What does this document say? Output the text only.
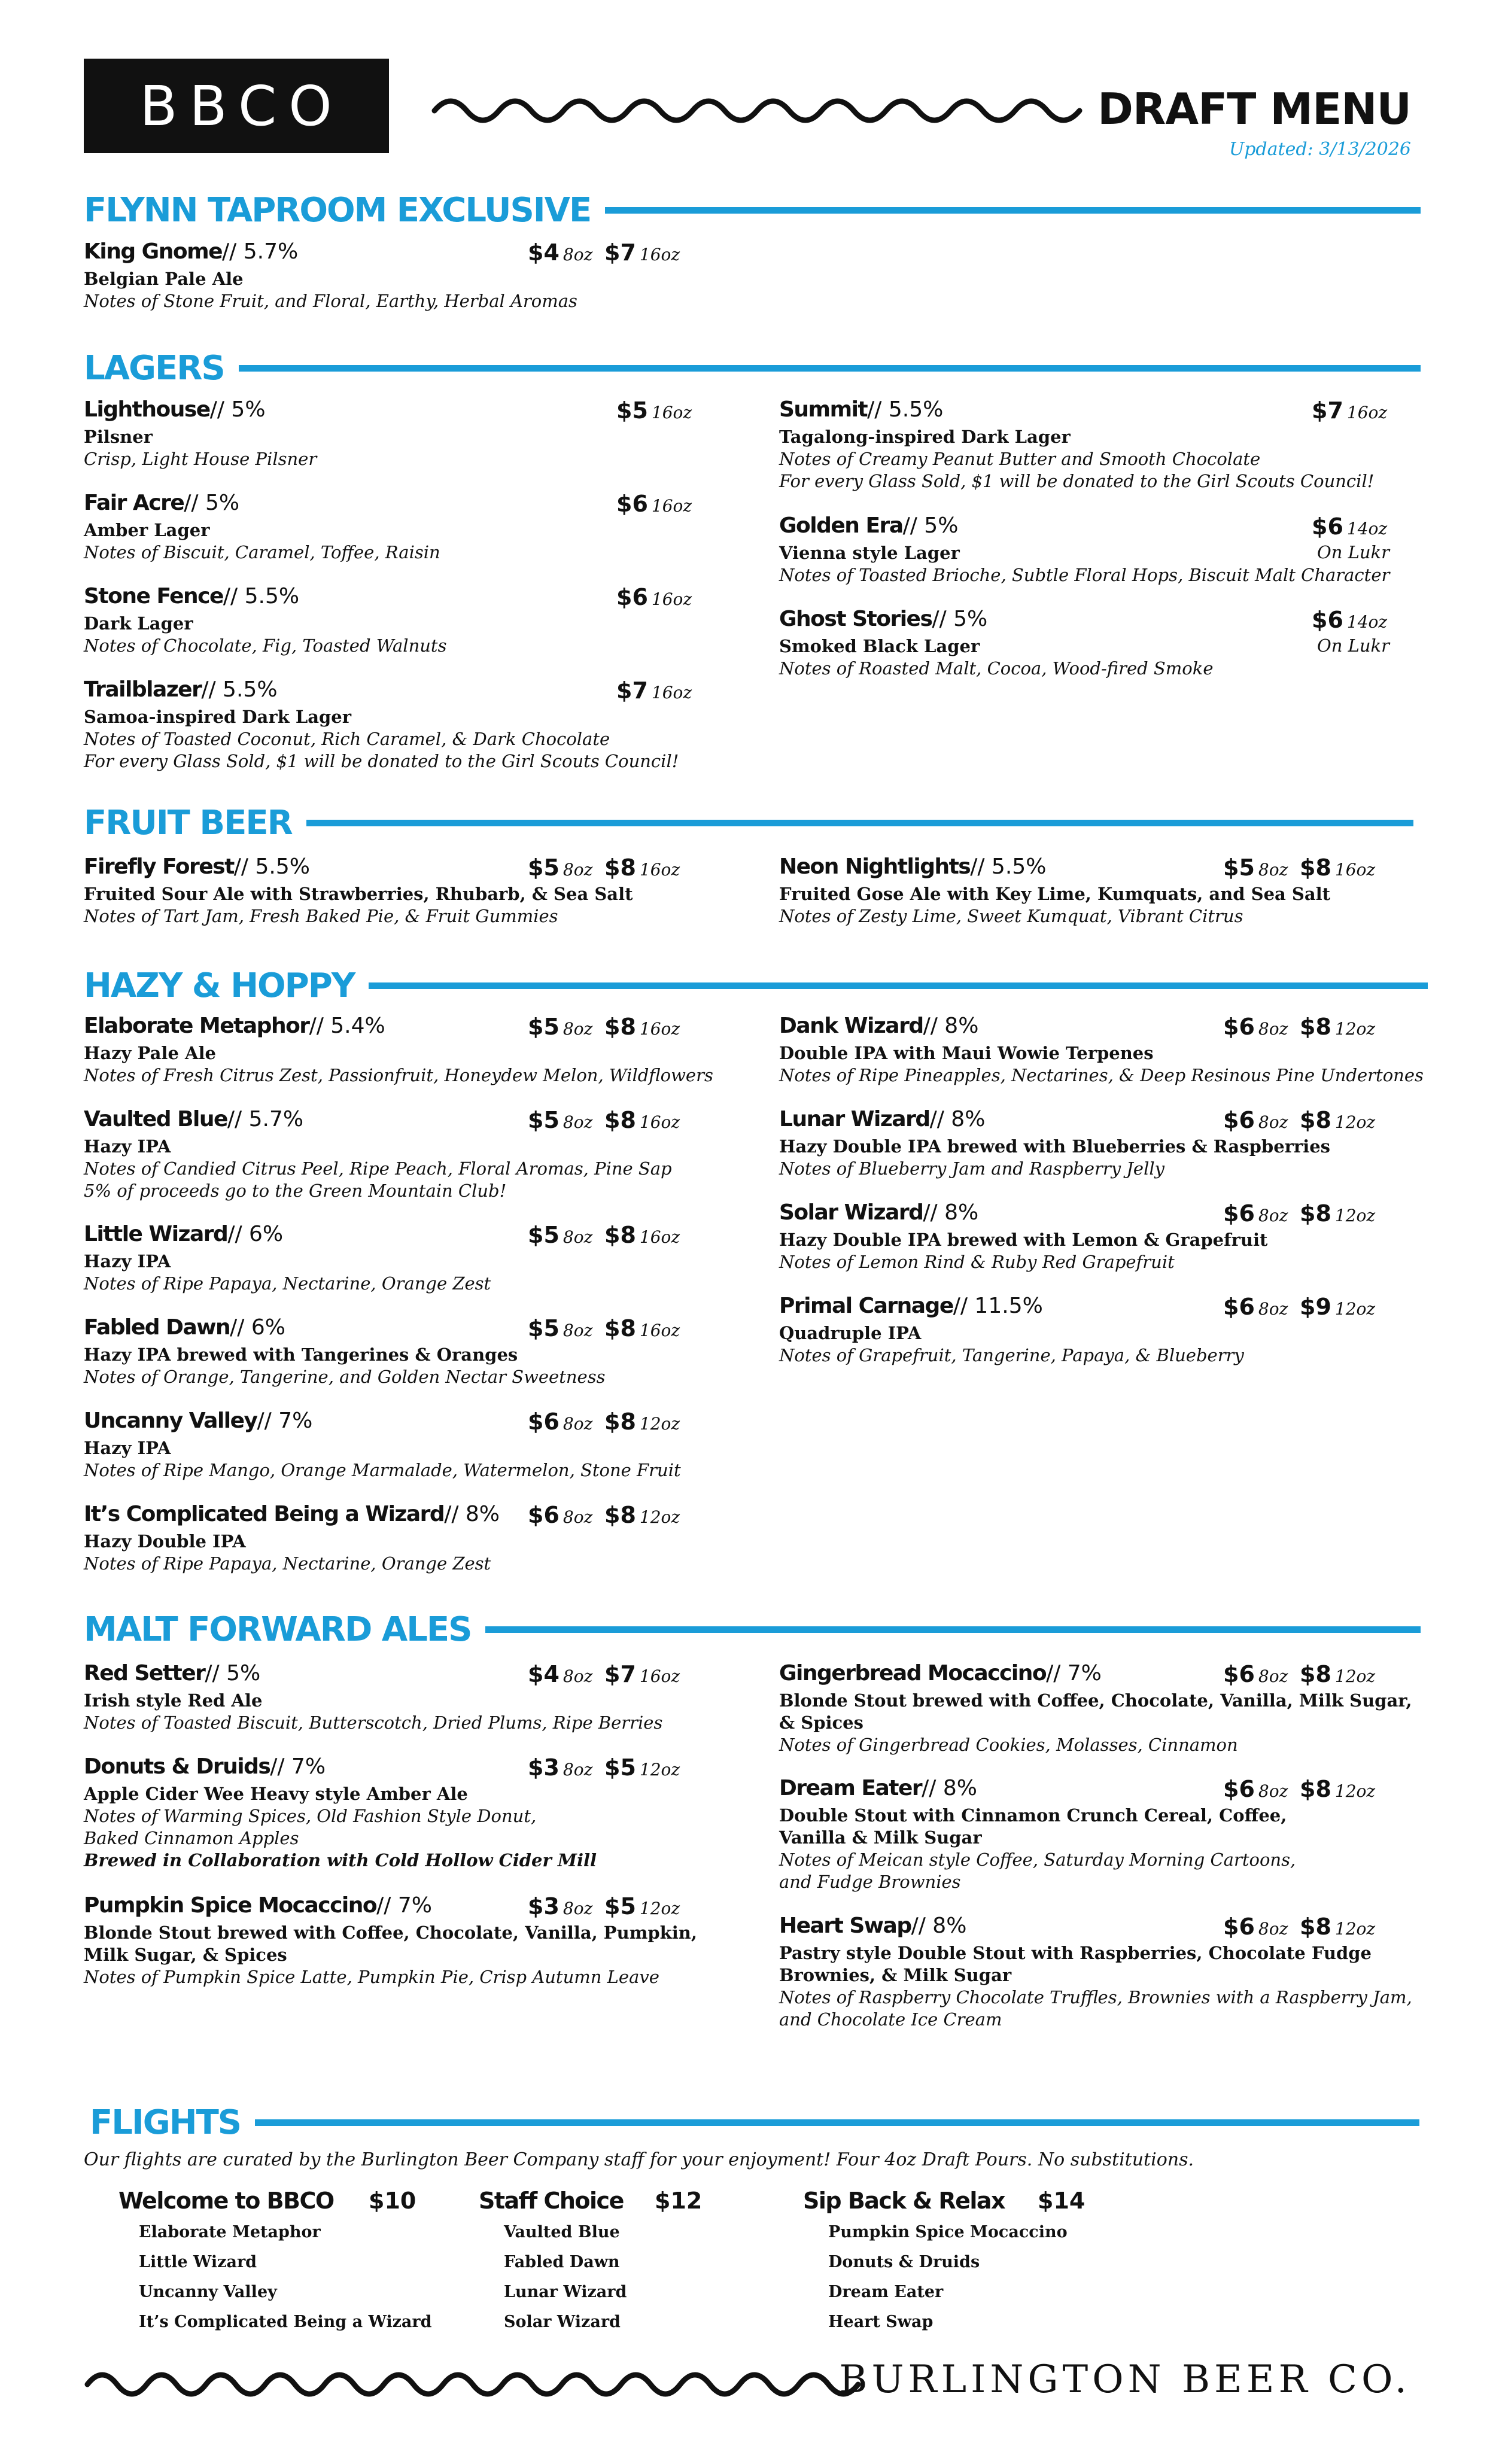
BBCO	DRAFT MENU
Updated: 3/13/2026
FLYNN TAPROOM EXCLUSIVE
King Gnome // 5.7%	$4 8oz $7 16oz
Belgian Pale Ale
Notes of Stone Fruit, and Floral, Earthy, Herbal Aromas
LAGERS
FRUIT BEER
HAZY & HOPPY
MALT FORWARD ALES
Lighthouse // 5%	$5 16oz
Pilsner
Crisp, Light House Pilsner
Fair Acre // 5%	$6 16oz
Amber Lager
Notes of Biscuit, Caramel, Toffee, Raisin
Stone Fence // 5.5%	$6 16oz
Dark Lager
Notes of Chocolate, Fig, Toasted Walnuts
Trailblazer // 5.5%	$7 16oz
Samoa-inspired Dark Lager
Notes of Toasted Coconut, Rich Caramel, & Dark Chocolate
For every Glass Sold, $1 will be donated to the Girl Scouts Council!
Summit // 5.5%	$7 16oz
Tagalong-inspired Dark Lager
Notes of Creamy Peanut Butter and Smooth Chocolate
For every Glass Sold, $1 will be donated to the Girl Scouts Council!
Golden Era // 5%	$6 14oz
Vienna style Lager	On Lukr
Notes of Toasted Brioche, Subtle Floral Hops, Biscuit Malt Character
Ghost Stories // 5%	$6 14oz
Smoked Black Lager	On Lukr
Notes of Roasted Malt, Cocoa, Wood-fired Smoke
Firefly Forest // 5.5%	$5 8oz $8 16oz
Fruited Sour Ale with Strawberries, Rhubarb, & Sea Salt
Notes of Tart Jam, Fresh Baked Pie, & Fruit Gummies
Neon Nightlights // 5.5%	$5 8oz $8 16oz
Fruited Gose Ale with Key Lime, Kumquats, and Sea Salt
Notes of Zesty Lime, Sweet Kumquat, Vibrant Citrus
Elaborate Metaphor // 5.4%	$5 8oz $8 16oz
Hazy Pale Ale
Notes of Fresh Citrus Zest, Passionfruit, Honeydew Melon, Wildflowers
Vaulted Blue // 5.7%	$5 8oz $8 16oz
Hazy IPA
Notes of Candied Citrus Peel, Ripe Peach, Floral Aromas, Pine Sap
5% of proceeds go to the Green Mountain Club!
Little Wizard // 6%	$5 8oz $8 16oz
Hazy IPA
Notes of Ripe Papaya, Nectarine, Orange Zest
Fabled Dawn // 6%	$5 8oz $8 16oz
Hazy IPA brewed with Tangerines & Oranges
Notes of Orange, Tangerine, and Golden Nectar Sweetness
Uncanny Valley // 7%	$6 8oz $8 12oz
Hazy IPA
Notes of Ripe Mango, Orange Marmalade, Watermelon, Stone Fruit
It’s Complicated Being a Wizard // 8% $6 8oz $8 12oz
Hazy Double IPA
Notes of Ripe Papaya, Nectarine, Orange Zest
Dank Wizard // 8%	$6 8oz $8 12oz
Double IPA with Maui Wowie Terpenes
Notes of Ripe Pineapples, Nectarines, & Deep Resinous Pine Undertones
Lunar Wizard // 8%	$6 8oz $8 12oz
Hazy Double IPA brewed with Blueberries & Raspberries
Notes of Blueberry Jam and Raspberry Jelly
Solar Wizard // 8%	$6 8oz $8 12oz
Hazy Double IPA brewed with Lemon & Grapefruit
Notes of Lemon Rind & Ruby Red Grapefruit
Primal Carnage // 11.5%	$6 8oz $9 12oz
Quadruple IPA
Notes of Grapefruit, Tangerine, Papaya, & Blueberry
Red Setter // 5%	$4 8oz $7 16oz
Irish style Red Ale
Notes of Toasted Biscuit, Butterscotch, Dried Plums, Ripe Berries
Donuts & Druids // 7%	$3 8oz $5 12oz
Apple Cider Wee Heavy style Amber Ale
Notes of Warming Spices, Old Fashion Style Donut,
Baked Cinnamon Apples
Brewed in Collaboration with Cold Hollow Cider Mill
Pumpkin Spice Mocaccino // 7%	$3 8oz $5 12oz
Blonde Stout brewed with Coffee, Chocolate, Vanilla, Pumpkin,
Milk Sugar, & Spices
Notes of Pumpkin Spice Latte, Pumpkin Pie, Crisp Autumn Leave
Gingerbread Mocaccino // 7%	$6 8oz $8 12oz
Blonde Stout brewed with Coffee, Chocolate, Vanilla, Milk Sugar,
& Spices
Notes of Gingerbread Cookies, Molasses, Cinnamon
Dream Eater // 8%	$6 8oz $8 12oz
Double Stout with Cinnamon Crunch Cereal, Coffee,
Vanilla & Milk Sugar
Notes of Meican style Coffee, Saturday Morning Cartoons,
and Fudge Brownies
Heart Swap // 8%	$6 8oz $8 12oz
Pastry style Double Stout with Raspberries, Chocolate Fudge
Brownies, & Milk Sugar
Notes of Raspberry Chocolate Truffles, Brownies with a Raspberry Jam,
and Chocolate Ice Cream
FLIGHTS
Our flights are curated by the Burlington Beer Company staff for your enjoyment! Four 4oz Draft Pours. No substitutions.
Welcome to BBCO	$10
Elaborate Metaphor
Little Wizard
Uncanny Valley
It’s Complicated Being a Wizard
Staff Choice $12
Vaulted Blue
Fabled Dawn
Lunar Wizard
Solar Wizard
Sip Back & Relax	$14
Pumpkin Spice Mocaccino
Donuts & Druids
Dream Eater
Heart Swap
BURLINGTON BEER CO.
